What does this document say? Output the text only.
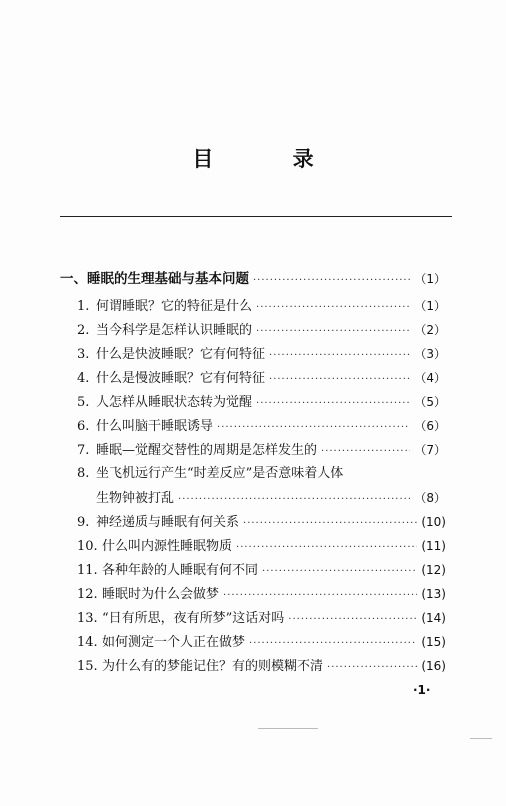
目 录
一、睡眠的生理基础与基本问题 ·····	（1）
1. 何谓睡眠？它的特征是什么 ·····	（1）
2. 当今科学是怎样认识睡眠的 ·····	（2）
3. 什么是快波睡眠？它有何特征 ·····	（3）
4. 什么是慢波睡眠？它有何特征 ·····	（4）
5. 人怎样从睡眠状态转为觉醒 ·····	（5）
6. 什么叫脑干睡眠诱导 ·····	（6）
7. 睡眠—觉醒交替性的周期是怎样发生的 ·····	（7）
8. 坐飞机远行产生“时差反应”是否意味着人体
生物钟被打乱 ·····	（8）
9. 神经递质与睡眠有何关系 ·····	(10)
10. 什么叫内源性睡眠物质 ·····	(11)
11. 各种年龄的人睡眠有何不同 ·····	(12)
12. 睡眠时为什么会做梦 ·····	(13)
13. “日有所思，夜有所梦”这话对吗 ·····	(14)
14. 如何测定一个人正在做梦 ·····	(15)
15. 为什么有的梦能记住？有的则模糊不清 ·····	(16)
·1·
